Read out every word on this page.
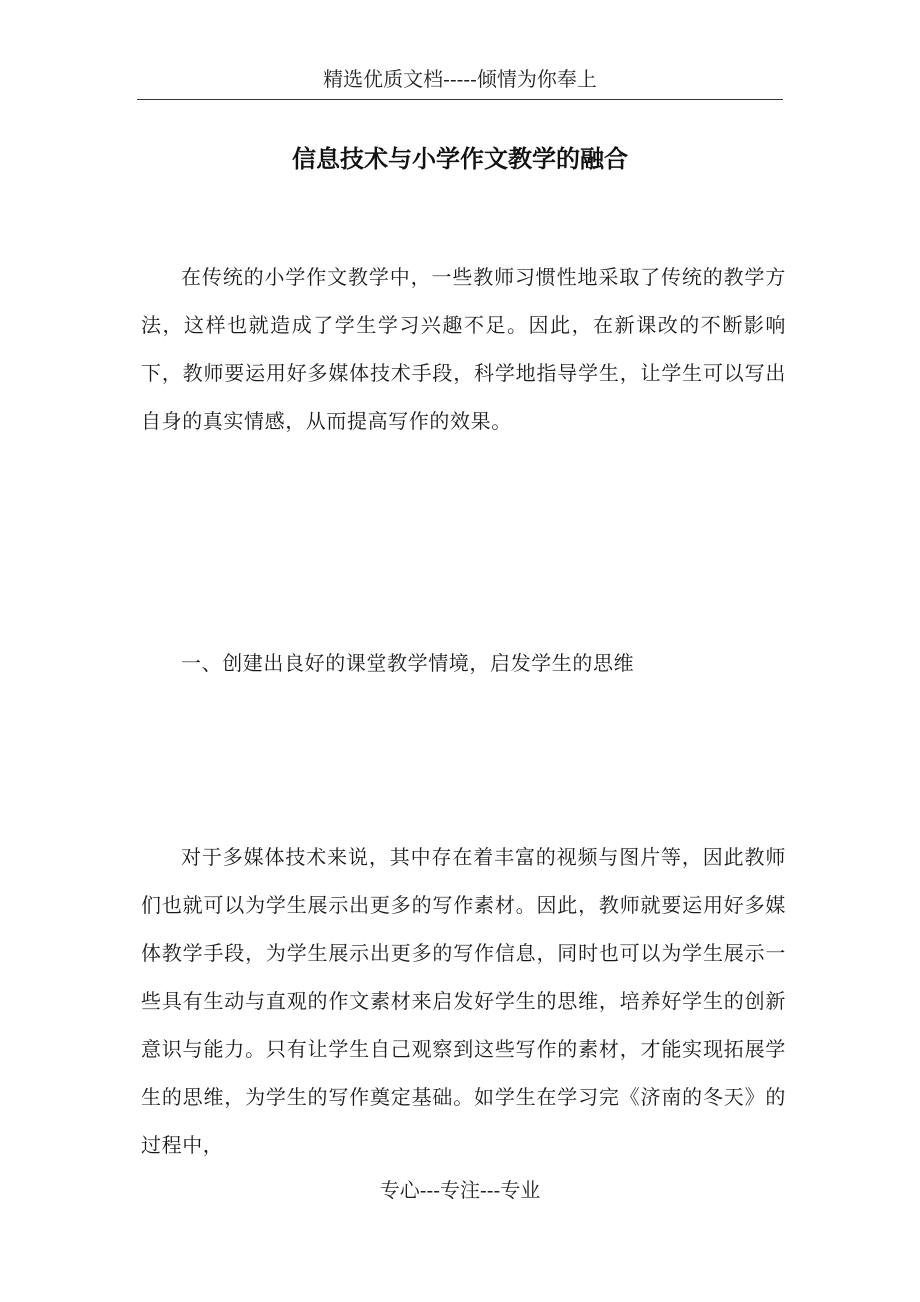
精选优质文档-----倾情为你奉上
信息技术与小学作文教学的融合

在传统的小学作文教学中，一些教师习惯性地采取了传统的教学方法，这样也就造成了学生学习兴趣不足。因此，在新课改的不断影响下，教师要运用好多媒体技术手段，科学地指导学生，让学生可以写出自身的真实情感，从而提高写作的效果。

一、创建出良好的课堂教学情境，启发学生的思维

对于多媒体技术来说，其中存在着丰富的视频与图片等，因此教师们也就可以为学生展示出更多的写作素材。因此，教师就要运用好多媒体教学手段，为学生展示出更多的写作信息，同时也可以为学生展示一些具有生动与直观的作文素材来启发好学生的思维，培养好学生的创新意识与能力。只有让学生自己观察到这些写作的素材，才能实现拓展学生的思维，为学生的写作奠定基础。如学生在学习完《济南的冬天》的过程中，

专心---专注---专业
